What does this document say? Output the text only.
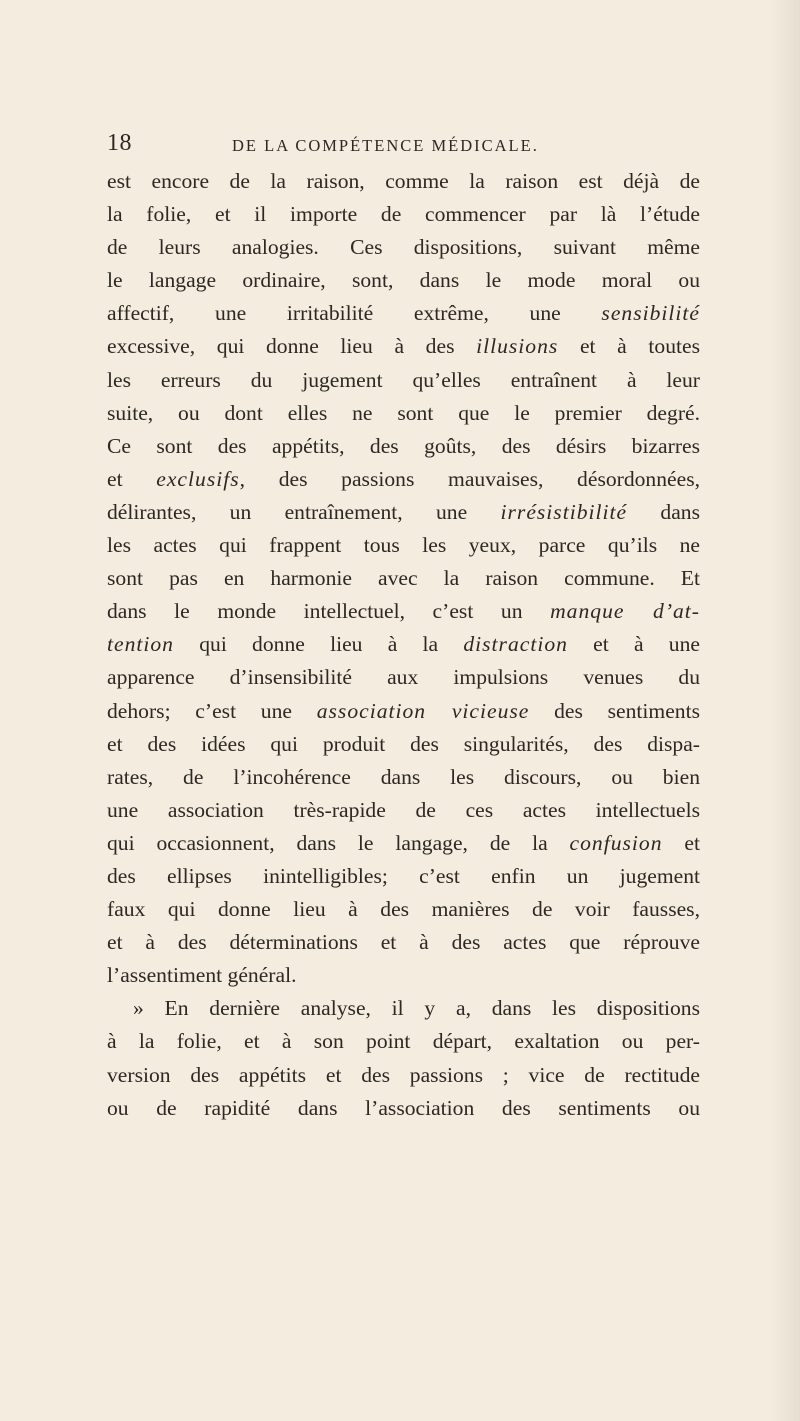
18	DE LA COMPÉTENCE MÉDICALE.
est encore de la raison, comme la raison est déjà de
la folie, et il importe de commencer par là l’étude
de leurs analogies. Ces dispositions, suivant même
le langage ordinaire, sont, dans le mode moral ou
affectif, une irritabilité extrême, une sensibilité
excessive, qui donne lieu à des illusions et à toutes
les erreurs du jugement qu’elles entraînent à leur
suite, ou dont elles ne sont que le premier degré.
Ce sont des appétits, des goûts, des désirs bizarres
et exclusifs, des passions mauvaises, désordonnées,
délirantes, un entraînement, une irrésistibilité dans
les actes qui frappent tous les yeux, parce qu’ils ne
sont pas en harmonie avec la raison commune. Et
dans le monde intellectuel, c’est un manque d’at-
tention qui donne lieu à la distraction et à une
apparence d’insensibilité aux impulsions venues du
dehors; c’est une association vicieuse des sentiments
et des idées qui produit des singularités, des dispa-
rates, de l’incohérence dans les discours, ou bien
une association très-rapide de ces actes intellectuels
qui occasionnent, dans le langage, de la confusion et
des ellipses inintelligibles; c’est enfin un jugement
faux qui donne lieu à des manières de voir fausses,
et à des déterminations et à des actes que réprouve
l’assentiment général.
» En dernière analyse, il y a, dans les dispositions
à la folie, et à son point départ, exaltation ou per-
version des appétits et des passions ; vice de rectitude
ou de rapidité dans l’association des sentiments ou
